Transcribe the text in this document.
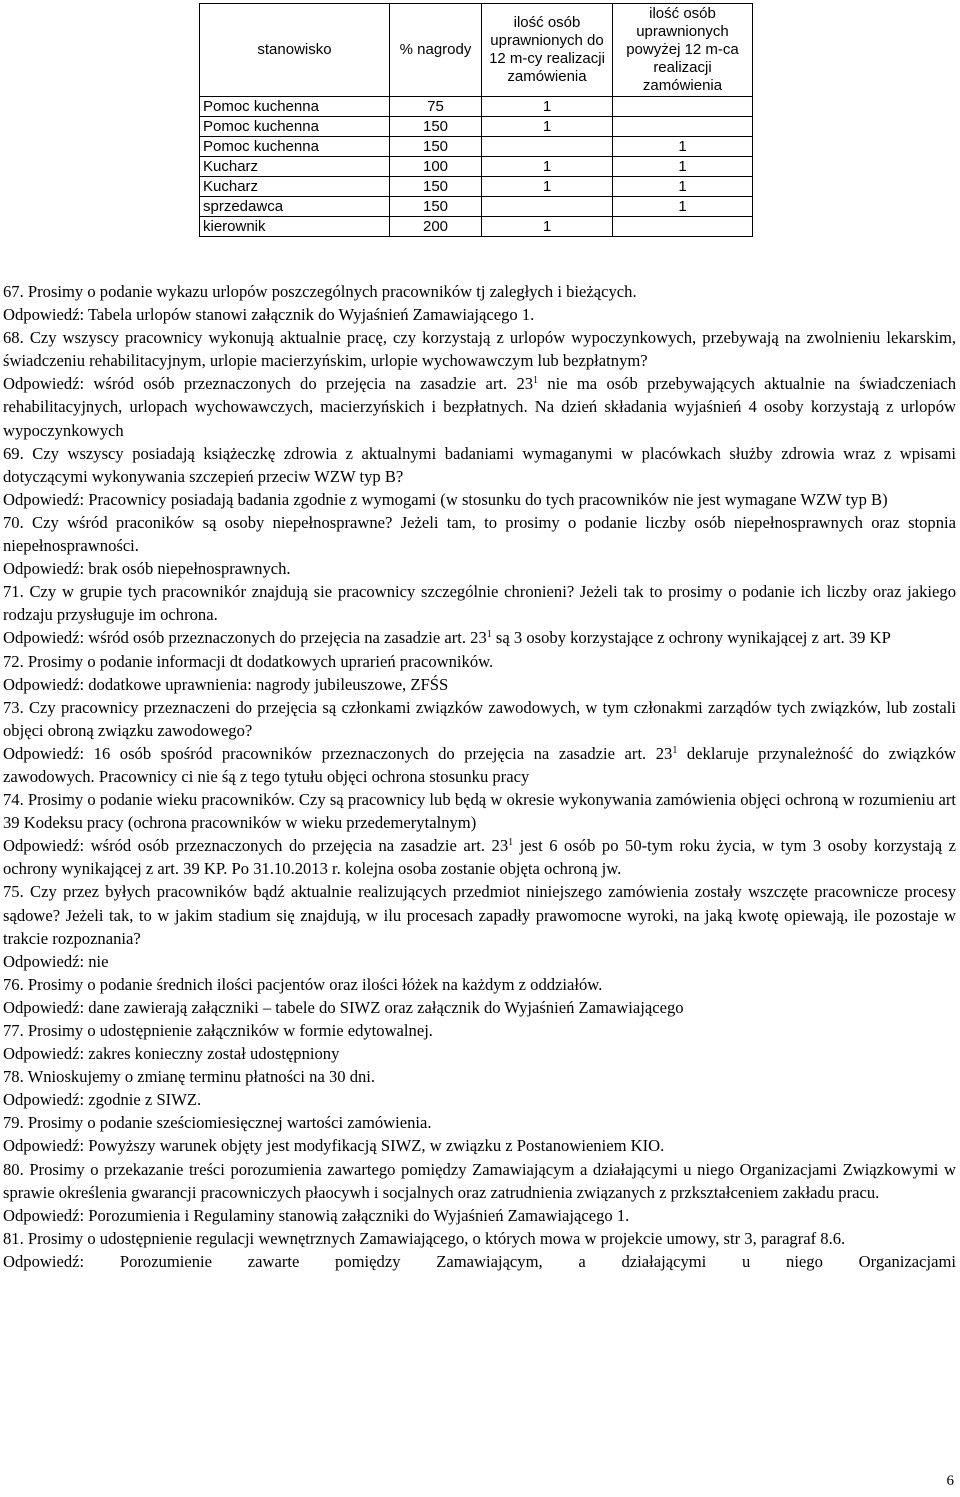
stanowisko	% nagrody	ilość osób uprawnionych do 12 m-cy realizacji zamówienia	ilość osób uprawnionych powyżej 12 m-ca realizacji zamówienia
Pomoc kuchenna	75	1	
Pomoc kuchenna	150	1	
Pomoc kuchenna	150		1
Kucharz	100	1	1
Kucharz	150	1	1
sprzedawca	150		1
kierownik	200	1	

67. Prosimy o podanie wykazu urlopów poszczególnych pracowników tj zaległych i bieżących.

Odpowiedź: Tabela urlopów stanowi załącznik do Wyjaśnień Zamawiającego 1.

68. Czy wszyscy pracownicy wykonują aktualnie pracę, czy korzystają z urlopów wypoczynkowych, przebywają na zwolnieniu lekarskim, świadczeniu rehabilitacyjnym, urlopie macierzyńskim, urlopie wychowawczym lub bezpłatnym?

Odpowiedź: wśród osób przeznaczonych do przejęcia na zasadzie art. $23^1$ nie ma osób przebywających aktualnie na świadczeniach rehabilitacyjnych, urlopach wychowawczych, macierzyńskich i bezpłatnych. Na dzień składania wyjaśnień 4 osoby korzystają z urlopów wypoczynkowych

69. Czy wszyscy posiadają książeczkę zdrowia z aktualnymi badaniami wymaganymi w placówkach służby zdrowia wraz z wpisami dotyczącymi wykonywania szczepień przeciw WZW typ B?

Odpowiedź: Pracownicy posiadają badania zgodnie z wymogami (w stosunku do tych pracowników nie jest wymagane WZW typ B)

70. Czy wśród praconików są osoby niepełnosprawne? Jeżeli tam, to prosimy o podanie liczby osób niepełnosprawnych oraz stopnia niepełnosprawności.

Odpowiedź: brak osób niepełnosprawnych.

71. Czy w grupie tych pracownikór znajdują sie pracownicy szczególnie chronieni? Jeżeli tak to prosimy o podanie ich liczby oraz jakiego rodzaju przysługuje im ochrona.

Odpowiedź: wśród osób przeznaczonych do przejęcia na zasadzie art. $23^1$ są 3 osoby korzystające z ochrony wynikającej z art. 39 KP

72. Prosimy o podanie informacji dt dodatkowych uprarień pracowników.

Odpowiedź: dodatkowe uprawnienia: nagrody jubileuszowe, ZFŚS

73. Czy pracownicy przeznaczeni do przejęcia są członkami związków zawodowych, w tym członakmi zarządów tych związków, lub zostali objęci obroną związku zawodowego?

Odpowiedź: 16 osób spośród pracowników przeznaczonych do przejęcia na zasadzie art. $23^1$ deklaruje przynależność do związków zawodowych. Pracownicy ci nie śą z tego tytułu objęci ochrona stosunku pracy

74. Prosimy o podanie wieku pracowników. Czy są pracownicy lub będą w okresie wykonywania zamówienia objęci ochroną w rozumieniu art 39 Kodeksu pracy (ochrona pracowników w wieku przedemerytalnym)

Odpowiedź: wśród osób przeznaczonych do przejęcia na zasadzie art. $23^1$ jest 6 osób po 50-tym roku życia, w tym 3 osoby korzystają z ochrony wynikającej z art. 39 KP. Po 31.10.2013 r. kolejna osoba zostanie objęta ochroną jw.

75. Czy przez byłych pracowników bądź aktualnie realizujących przedmiot niniejszego zamówienia zostały wszczęte pracownicze procesy sądowe? Jeżeli tak, to w jakim stadium się znajdują, w ilu procesach zapadły prawomocne wyroki, na jaką kwotę opiewają, ile pozostaje w trakcie rozpoznania?

Odpowiedź: nie

76. Prosimy o podanie średnich ilości pacjentów oraz ilości łóżek na każdym z oddziałów.

Odpowiedź: dane zawierają załączniki – tabele do SIWZ oraz załącznik do Wyjaśnień Zamawiającego

77. Prosimy o udostępnienie załączników w formie edytowalnej.

Odpowiedź: zakres konieczny został udostępniony

78. Wnioskujemy o zmianę terminu płatności na 30 dni.

Odpowiedź: zgodnie z SIWZ.

79. Prosimy o podanie sześciomiesięcznej wartości zamówienia.

Odpowiedź: Powyższy warunek objęty jest modyfikacją SIWZ, w związku z Postanowieniem KIO.

80. Prosimy o przekazanie treści porozumienia zawartego pomiędzy Zamawiającym a działającymi u niego Organizacjami Związkowymi w sprawie określenia gwarancji pracowniczych płaocywh i socjalnych oraz zatrudnienia związanych z przkształceniem zakładu pracu.

Odpowiedź: Porozumienia i Regulaminy stanowią załączniki do Wyjaśnień Zamawiającego 1.

81. Prosimy o udostępnienie regulacji wewnętrznych Zamawiającego, o których mowa w projekcie umowy, str 3, paragraf 8.6.

Odpowiedź: Porozumienie zawarte pomiędzy Zamawiającym, a działającymi u niego Organizacjami

6
